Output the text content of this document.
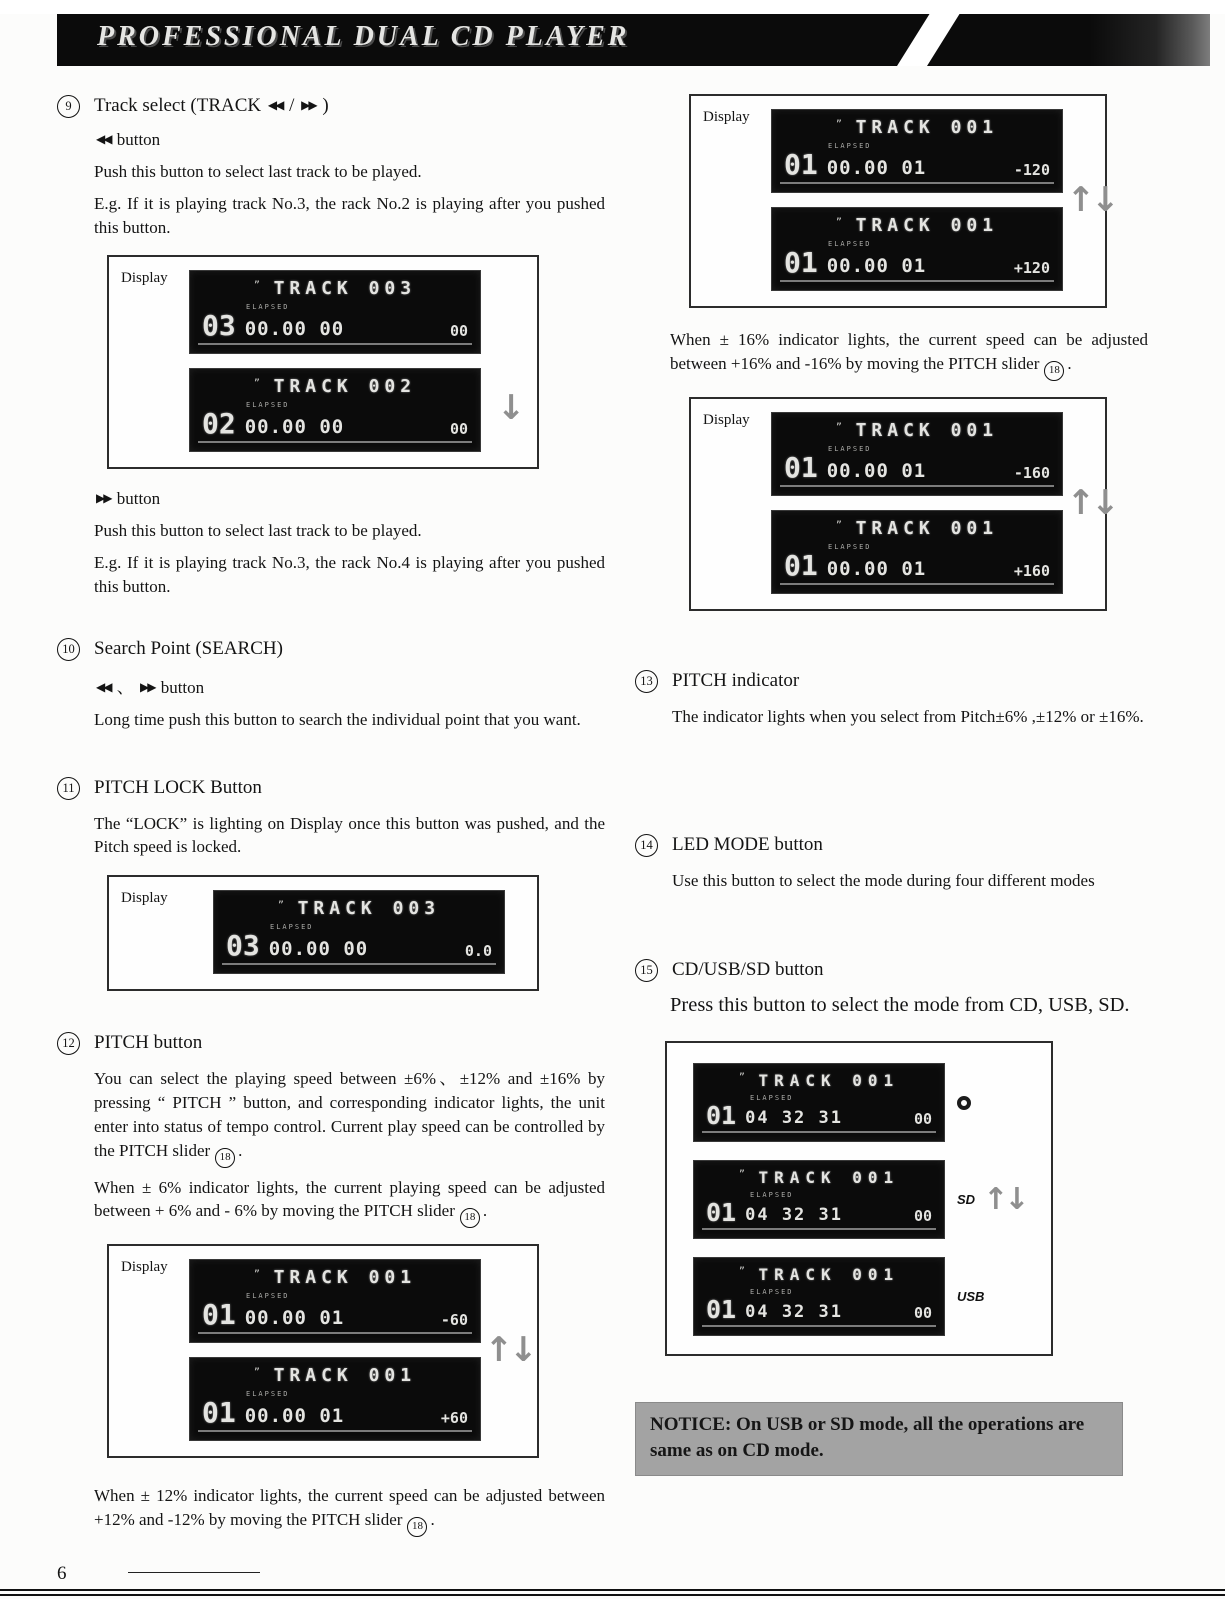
PROFESSIONAL DUAL CD PLAYER
9	Track select (TRACK ◀◀ / ▶▶ )

◀◀ button

Push this button to select last track to be played.

E.g. If it is playing track No.3, the rack No.2 is playing after you pushed this button.

Display	” TRACK 003
ELAPSED
03 00.00 00	00
” TRACK 002
ELAPSED
02 00.00 00	00
↓

▶▶ button

Push this button to select last track to be played.

E.g. If it is playing track No.3, the rack No.4 is playing after you pushed this button.

10 Search Point (SEARCH)

◀◀ 、 ▶▶ button

Long time push this button to search the individual point that you want.

11 PITCH LOCK Button

The “LOCK” is lighting on Display once this button was pushed, and the Pitch speed is locked.

Display	” TRACK 003
ELAPSED
03 00.00 00	0.0
12 PITCH button

You can select the playing speed between ±6%、±12% and ±16% by pressing “ PITCH ” button, and corresponding indicator lights, the unit enter into status of tempo control. Current play speed can be controlled by the PITCH slider 18 .

When ± 6% indicator lights, the current playing speed can be adjusted between + 6% and - 6% by moving the PITCH slider 18 .

Display	” TRACK 001
ELAPSED
01 00.00 01	-60
” TRACK 001
ELAPSED
01 00.00 01	+60
↑↓

When ± 12% indicator lights, the current speed can be adjusted between +12% and -12% by moving the PITCH slider 18 .

Display	” TRACK 001
ELAPSED
01 00.00 01	-120
” TRACK 001
ELAPSED
01 00.00 01	+120
↑↓

When ± 16% indicator lights, the current speed can be adjusted between +16% and -16% by moving the PITCH slider 18 .

Display	” TRACK 001
ELAPSED
01 00.00 01	-160
” TRACK 001
ELAPSED
01 00.00 01	+160
↑↓
13 PITCH indicator

The indicator lights when you select from Pitch±6% ,±12% or ±16%.

14 LED MODE button

Use this button to select the mode during four different modes

15 CD/USB/SD button

Press this button to select the mode from CD, USB, SD.

” TRACK 001
ELAPSED
01 04 32 31	00
” TRACK 001
ELAPSED
01 04 32 31	00
SD ↑↓
” TRACK 001
ELAPSED
01 04 32 31	00
USB
NOTICE: On USB or SD mode, all the operations are same as on CD mode.
6
